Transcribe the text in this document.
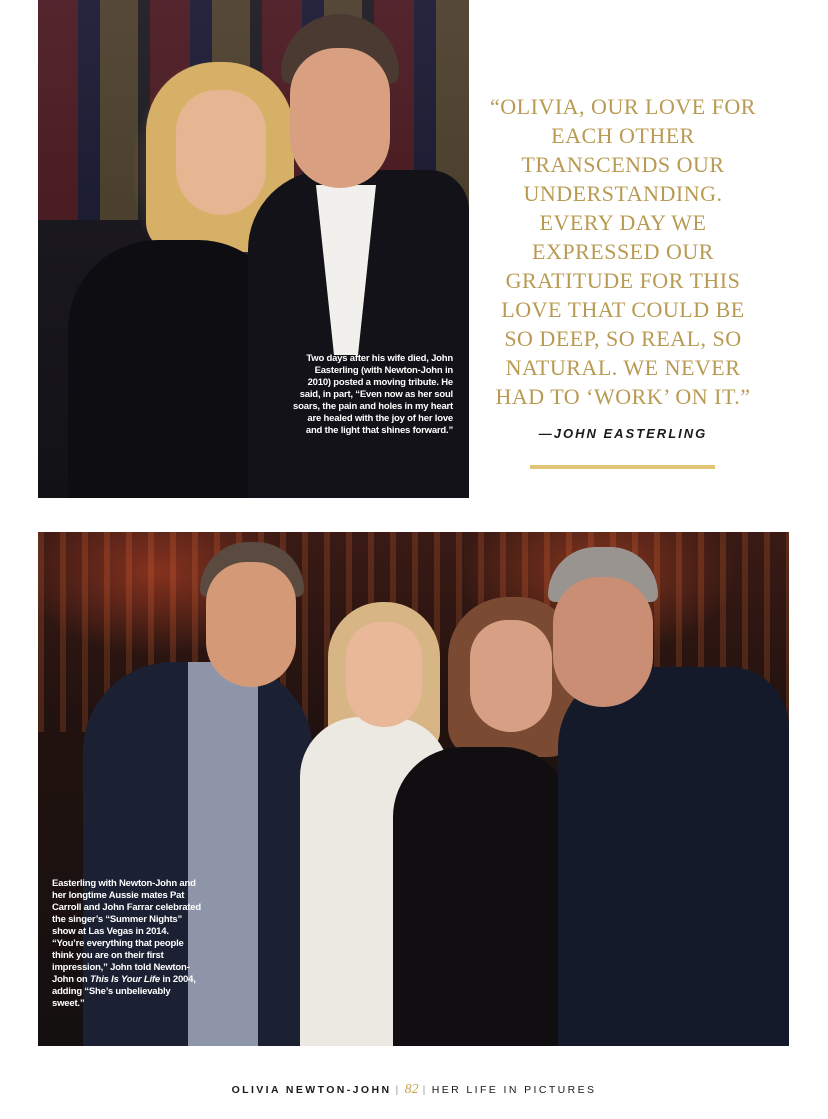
Two days after his wife died, John Easterling (with Newton-John in 2010) posted a moving tribute. He said, in part, “Even now as her soul soars, the pain and holes in my heart are healed with the joy of her love and the light that shines forward.”
“OLIVIA, OUR LOVE FOR EACH OTHER TRANSCENDS OUR UNDERSTANDING. EVERY DAY WE EXPRESSED OUR GRATITUDE FOR THIS LOVE THAT COULD BE SO DEEP, SO REAL, SO NATURAL. WE NEVER HAD TO ‘WORK’ ON IT.”
—JOHN EASTERLING
Easterling with Newton-John and her longtime Aussie mates Pat Carroll and John Farrar celebrated the singer’s “Summer Nights” show at Las Vegas in 2014. “You’re everything that people think you are on their first impression,” John told Newton-John on This Is Your Life in 2004, adding “She’s unbelievably sweet.”
OLIVIA NEWTON-JOHN | 82 | HER LIFE IN PICTURES
